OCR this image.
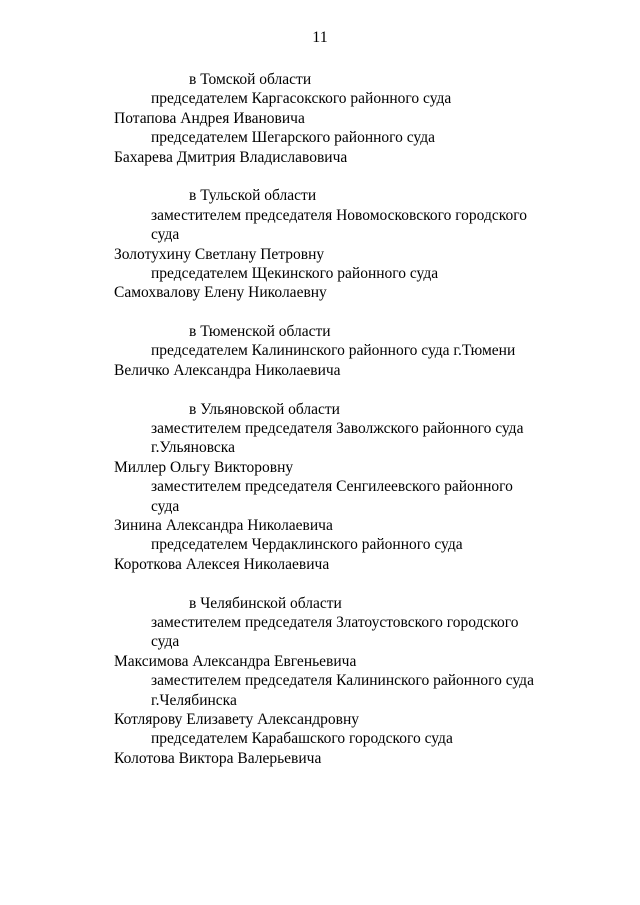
11
в Томской области
председателем Каргасокского районного суда
Потапова Андрея Ивановича
председателем Шегарского районного суда
Бахарева Дмитрия Владиславовича
в Тульской области
заместителем председателя Новомосковского городского
суда
Золотухину Светлану Петровну
председателем Щекинского районного суда
Самохвалову Елену Николаевну
в Тюменской области
председателем Калининского районного суда г.Тюмени
Величко Александра Николаевича
в Ульяновской области
заместителем председателя Заволжского районного суда
г.Ульяновска
Миллер Ольгу Викторовну
заместителем председателя Сенгилеевского районного
суда
Зинина Александра Николаевича
председателем Чердаклинского районного суда
Короткова Алексея Николаевича
в Челябинской области
заместителем председателя Златоустовского городского
суда
Максимова Александра Евгеньевича
заместителем председателя Калининского районного суда
г.Челябинска
Котлярову Елизавету Александровну
председателем Карабашского городского суда
Колотова Виктора Валерьевича
